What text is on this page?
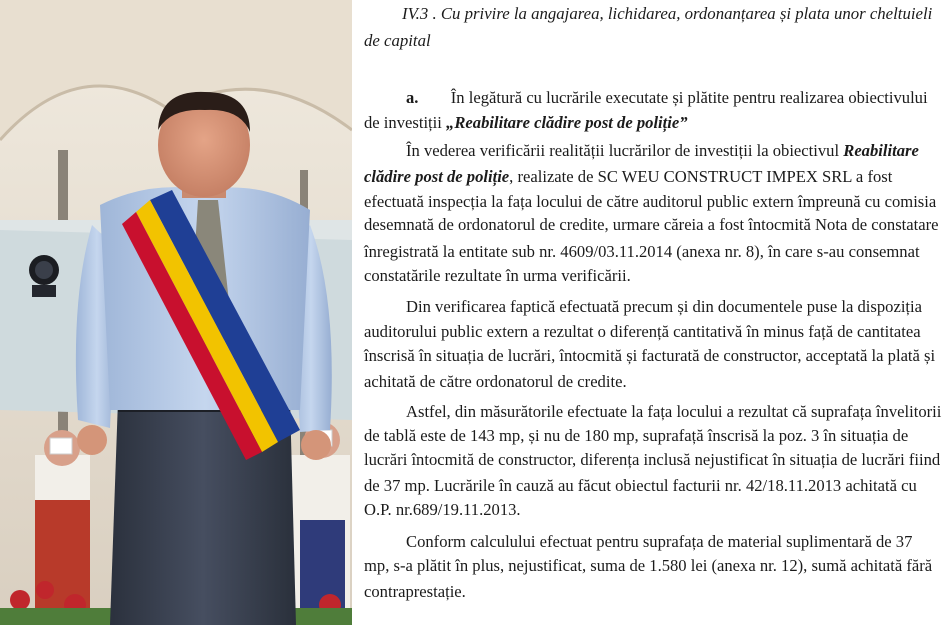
IV.3 . Cu privire la angajarea, lichidarea, ordonanțarea și plata unor cheltuieli
de capital
a. În legătură cu lucrările executate și plătite pentru realizarea obiectivului
de investiții „Reabilitare clădire post de poliție”
În vederea verificării realității lucrărilor de investiții la obiectivul Reabilitare
clădire post de poliție, realizate de SC WEU CONSTRUCT IMPEX SRL a fost
efectuată inspecția la fața locului de către auditorul public extern împreună cu comisia
desemnată de ordonatorul de credite, urmare căreia a fost întocmită Nota de constatare
înregistrată la entitate sub nr. 4609/03.11.2014 (anexa nr. 8), în care s-au consemnat
constatările rezultate în urma verificării.
Din verificarea faptică efectuată precum și din documentele puse la dispoziția
auditorului public extern a rezultat o diferență cantitativă în minus față de cantitatea
înscrisă în situația de lucrări, întocmită și facturată de constructor, acceptată la plată și
achitată de către ordonatorul de credite.
Astfel, din măsurătorile efectuate la fața locului a rezultat că suprafața învelitorii
de tablă este de 143 mp, și nu de 180 mp, suprafață înscrisă la poz. 3 în situația de
lucrări întocmită de constructor, diferența inclusă nejustificat în situația de lucrări fiind
de 37 mp. Lucrările în cauză au făcut obiectul facturii nr. 42/18.11.2013 achitată cu
O.P. nr.689/19.11.2013.
Conform calculului efectuat pentru suprafața de material suplimentară de 37
mp, s-a plătit în plus, nejustificat, suma de 1.580 lei (anexa nr. 12), sumă achitată fără
contraprestație.
